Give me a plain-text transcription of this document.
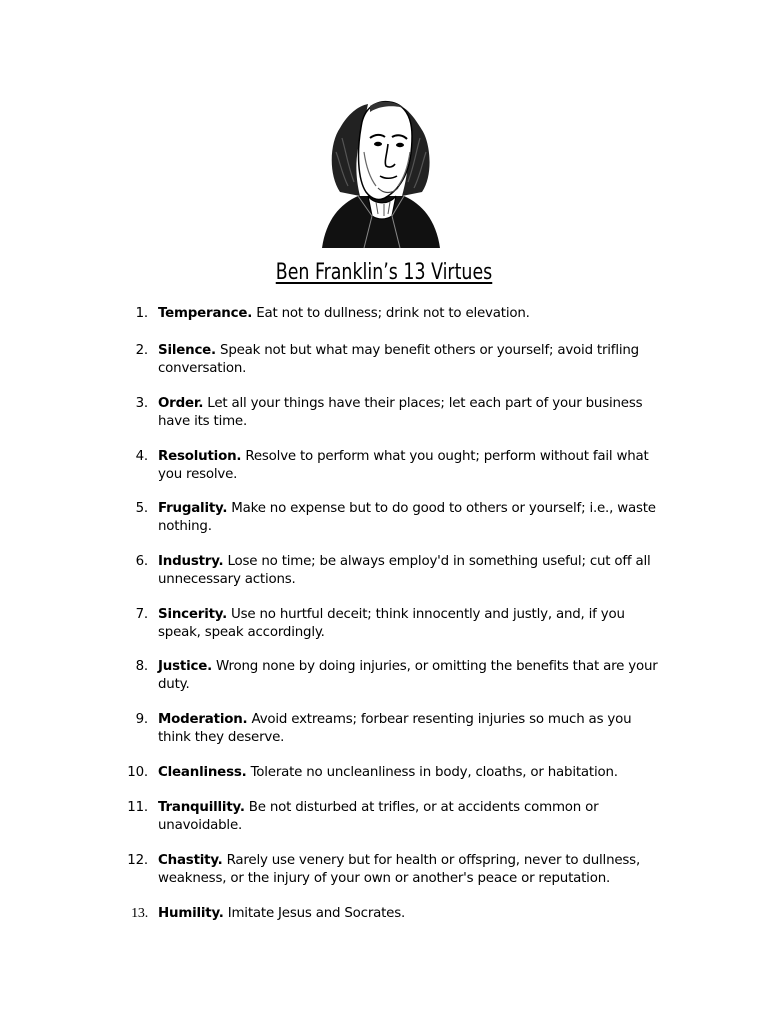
Ben Franklin’s 13 Virtues
1. Temperance. Eat not to dullness; drink not to elevation.
2. Silence. Speak not but what may benefit others or yourself; avoid trifling conversation.
3. Order. Let all your things have their places; let each part of your business have its time.
4. Resolution. Resolve to perform what you ought; perform without fail what you resolve.
5. Frugality. Make no expense but to do good to others or yourself; i.e., waste nothing.
6. Industry. Lose no time; be always employ'd in something useful; cut off all unnecessary actions.
7. Sincerity. Use no hurtful deceit; think innocently and justly, and, if you speak, speak accordingly.
8. Justice. Wrong none by doing injuries, or omitting the benefits that are your duty.
9. Moderation. Avoid extreams; forbear resenting injuries so much as you think they deserve.
10. Cleanliness. Tolerate no uncleanliness in body, cloaths, or habitation.
11. Tranquillity. Be not disturbed at trifles, or at accidents common or unavoidable.
12. Chastity. Rarely use venery but for health or offspring, never to dullness, weakness, or the injury of your own or another's peace or reputation.
13. Humility. Imitate Jesus and Socrates.
